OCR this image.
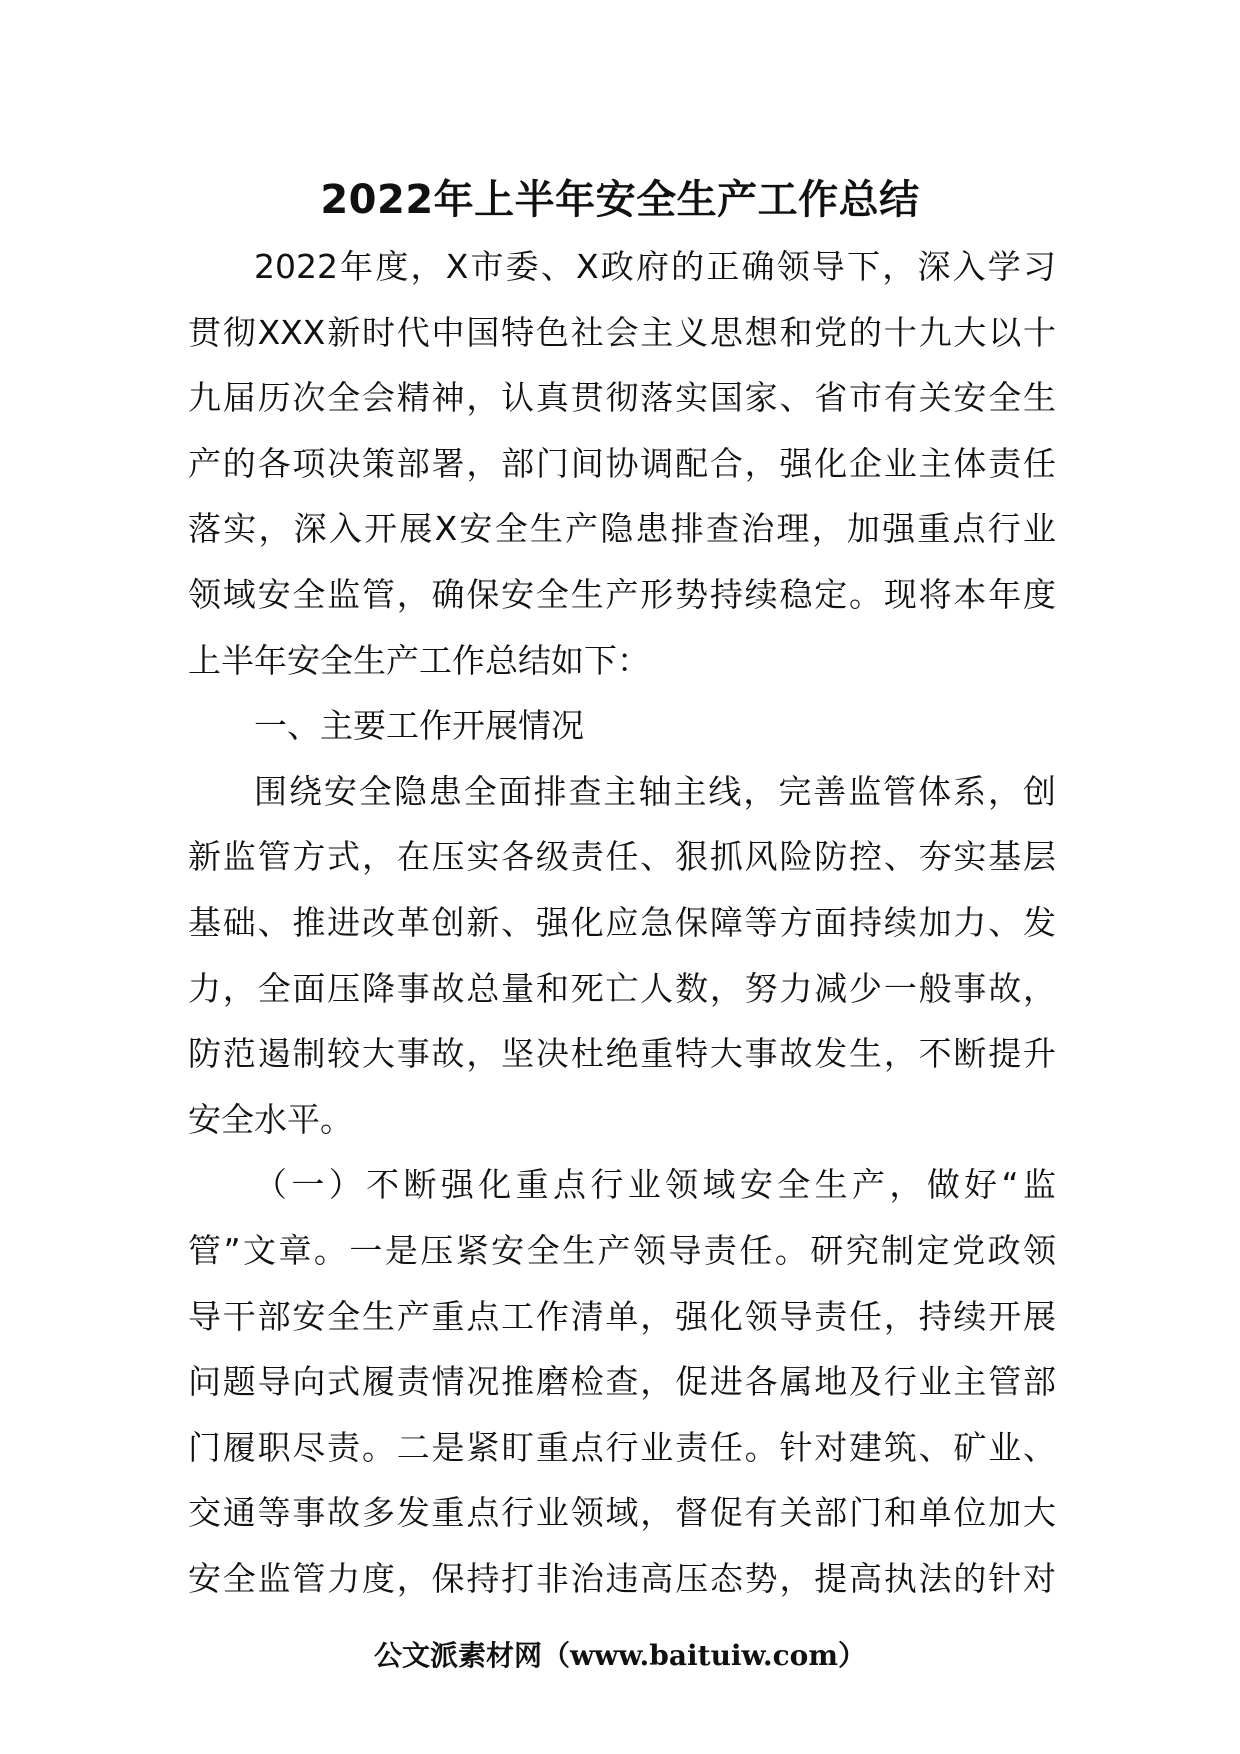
2022年上半年安全生产工作总结
2022年度，X市委、X政府的正确领导下，深入学习
贯彻XXX新时代中国特色社会主义思想和党的十九大以十
九届历次全会精神，认真贯彻落实国家、省市有关安全生
产的各项决策部署，部门间协调配合，强化企业主体责任
落实，深入开展X安全生产隐患排查治理，加强重点行业
领域安全监管，确保安全生产形势持续稳定。现将本年度
上半年安全生产工作总结如下：
一、主要工作开展情况
围绕安全隐患全面排查主轴主线，完善监管体系，创
新监管方式，在压实各级责任、狠抓风险防控、夯实基层
基础、推进改革创新、强化应急保障等方面持续加力、发
力，全面压降事故总量和死亡人数，努力减少一般事故，
防范遏制较大事故，坚决杜绝重特大事故发生，不断提升
安全水平。
（一）不断强化重点行业领域安全生产，做好“监
管”文章。一是压紧安全生产领导责任。研究制定党政领
导干部安全生产重点工作清单，强化领导责任，持续开展
问题导向式履责情况推磨检查，促进各属地及行业主管部
门履职尽责。二是紧盯重点行业责任。针对建筑、矿业、
交通等事故多发重点行业领域，督促有关部门和单位加大
安全监管力度，保持打非治违高压态势，提高执法的针对
公文派素材网（www.baituiw.com）
